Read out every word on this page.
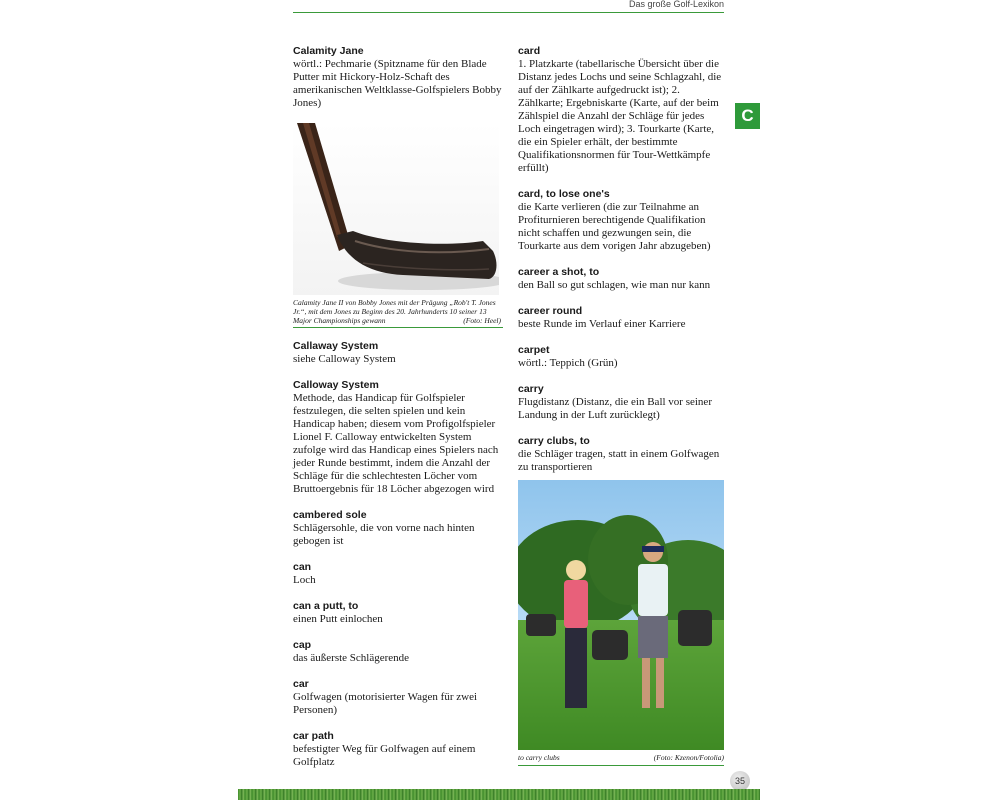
Das große Golf-Lexikon
C
Calamity Jane
wörtl.: Pechmarie (Spitzname für den Blade Putter mit Hickory-Holz-Schaft des amerikanischen Weltklasse-Golfspielers Bobby Jones)
Calamity Jane II von Bobby Jones mit der Prägung „Rob't T. Jones Jr.“, mit dem Jones zu Beginn des 20. Jahrhunderts 10 seiner 13 Major Championships gewann	(Foto: Heel)
Callaway System
siehe Calloway System
Calloway System
Methode, das Handicap für Golfspieler festzulegen, die selten spielen und kein Handicap haben; diesem vom Profigolfspieler Lionel F. Calloway entwickelten System zufolge wird das Handicap eines Spielers nach jeder Runde bestimmt, indem die Anzahl der Schläge für die schlechtesten Löcher vom Bruttoergebnis für 18 Löcher abgezogen wird
cambered sole
Schlägersohle, die von vorne nach hinten gebogen ist
can
Loch
can a putt, to
einen Putt einlochen
cap
das äußerste Schlägerende
car
Golfwagen (motorisierter Wagen für zwei Personen)
car path
befestigter Weg für Golfwagen auf einem Golfplatz
card
1. Platzkarte (tabellarische Übersicht über die Distanz jedes Lochs und seine Schlagzahl, die auf der Zählkarte aufgedruckt ist); 2. Zählkarte; Ergebniskarte (Karte, auf der beim Zählspiel die Anzahl der Schläge für jedes Loch eingetragen wird); 3. Tourkarte (Karte, die ein Spieler erhält, der bestimmte Qualifikationsnormen für Tour-Wettkämpfe erfüllt)
card, to lose one's
die Karte verlieren (die zur Teilnahme an Profiturnieren berechtigende Qualifikation nicht schaffen und gezwungen sein, die Tourkarte aus dem vorigen Jahr abzugeben)
career a shot, to
den Ball so gut schlagen, wie man nur kann
career round
beste Runde im Verlauf einer Karriere
carpet
wörtl.: Teppich (Grün)
carry
Flugdistanz (Distanz, die ein Ball vor seiner Landung in der Luft zurücklegt)
carry clubs, to
die Schläger tragen, statt in einem Golfwagen zu transportieren
to carry clubs	(Foto: Kzenon/Fotolia)
35
